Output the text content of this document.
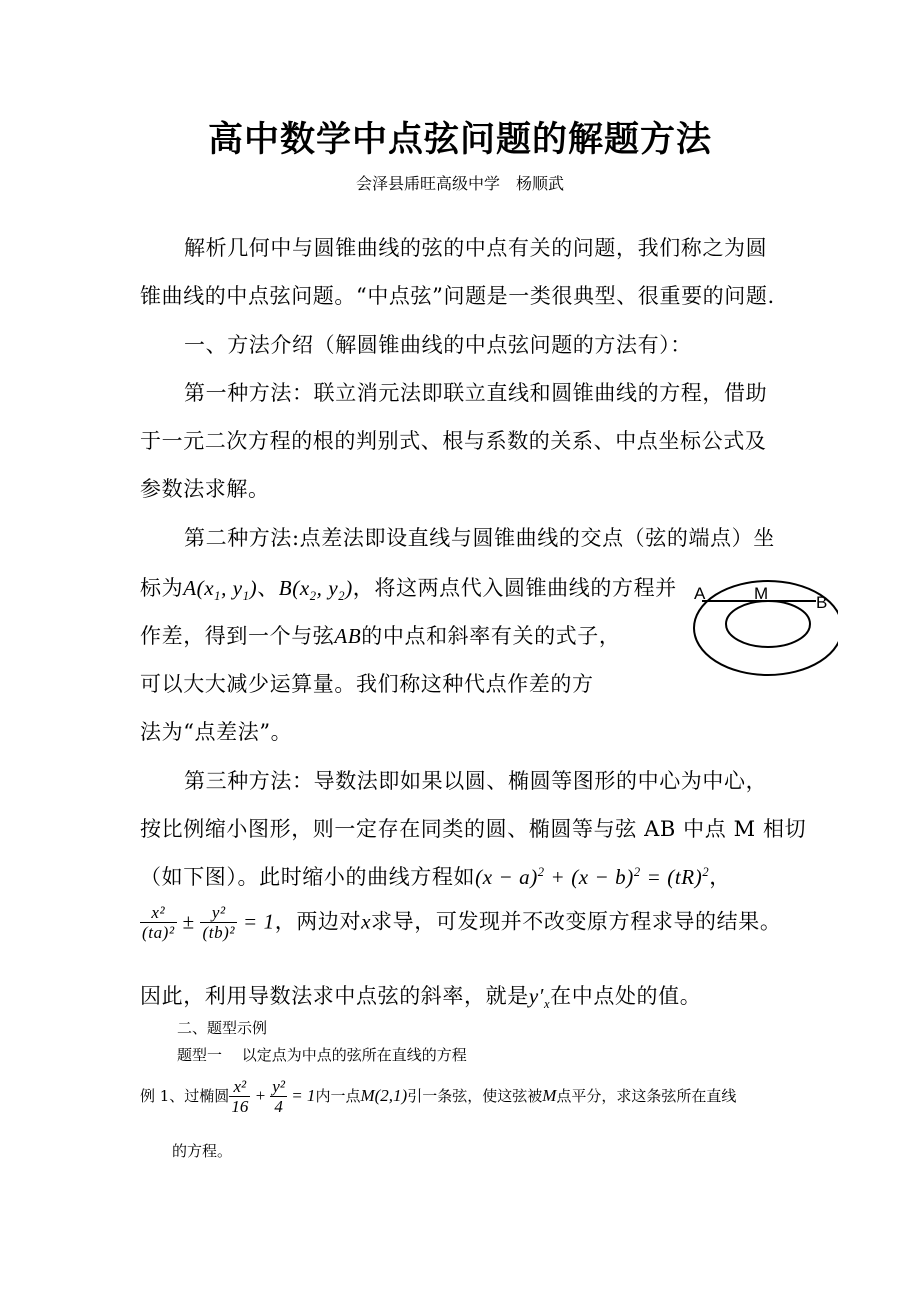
高中数学中点弦问题的解题方法
会泽县乕旺高级中学　杨顺武
解析几何中与圆锥曲线的弦的中点有关的问题，我们称之为圆
锥曲线的中点弦问题。“中点弦”问题是一类很典型、很重要的问题.
一、方法介绍（解圆锥曲线的中点弦问题的方法有）：
第一种方法：联立消元法即联立直线和圆锥曲线的方程，借助
于一元二次方程的根的判别式、根与系数的关系、中点坐标公式及
参数法求解。
第二种方法:点差法即设直线与圆锥曲线的交点（弦的端点）坐
标为$A(x_1$, $y_1$)、$B(x_2$, $y_2$)，将这两点代入圆锥曲线的方程并
作差，得到一个与弦AB的中点和斜率有关的式子，
可以大大减少运算量。我们称这种代点作差的方
法为“点差法”。
A	M	B
第三种方法：导数法即如果以圆、椭圆等图形的中心为中心，
按比例缩小图形，则一定存在同类的圆、椭圆等与弦 AB 中点 M 相切
（如下图）。此时缩小的曲线方程如$(x - a)^2 + (x - b)^2 = (tR)^2$，
$\frac{\text{x²}}{\text{(ta)²}} \pm \frac{\text{y²}}{\text{(tb)²}} = 1$，两边对x求导，可发现并不改变原方程求导的结果。
因此，利用导数法求中点弦的斜率，就是$y'_x$在中点处的值。
二、题型示例
题型一　 以定点为中点的弦所在直线的方程
例 1、过椭圆 $\frac{\text{x²}}{16} + \frac{\text{y²}}{4} = 1$内一点M(2,1)引一条弦，使这弦被M点平分，求这条弦所在直线
的方程。
